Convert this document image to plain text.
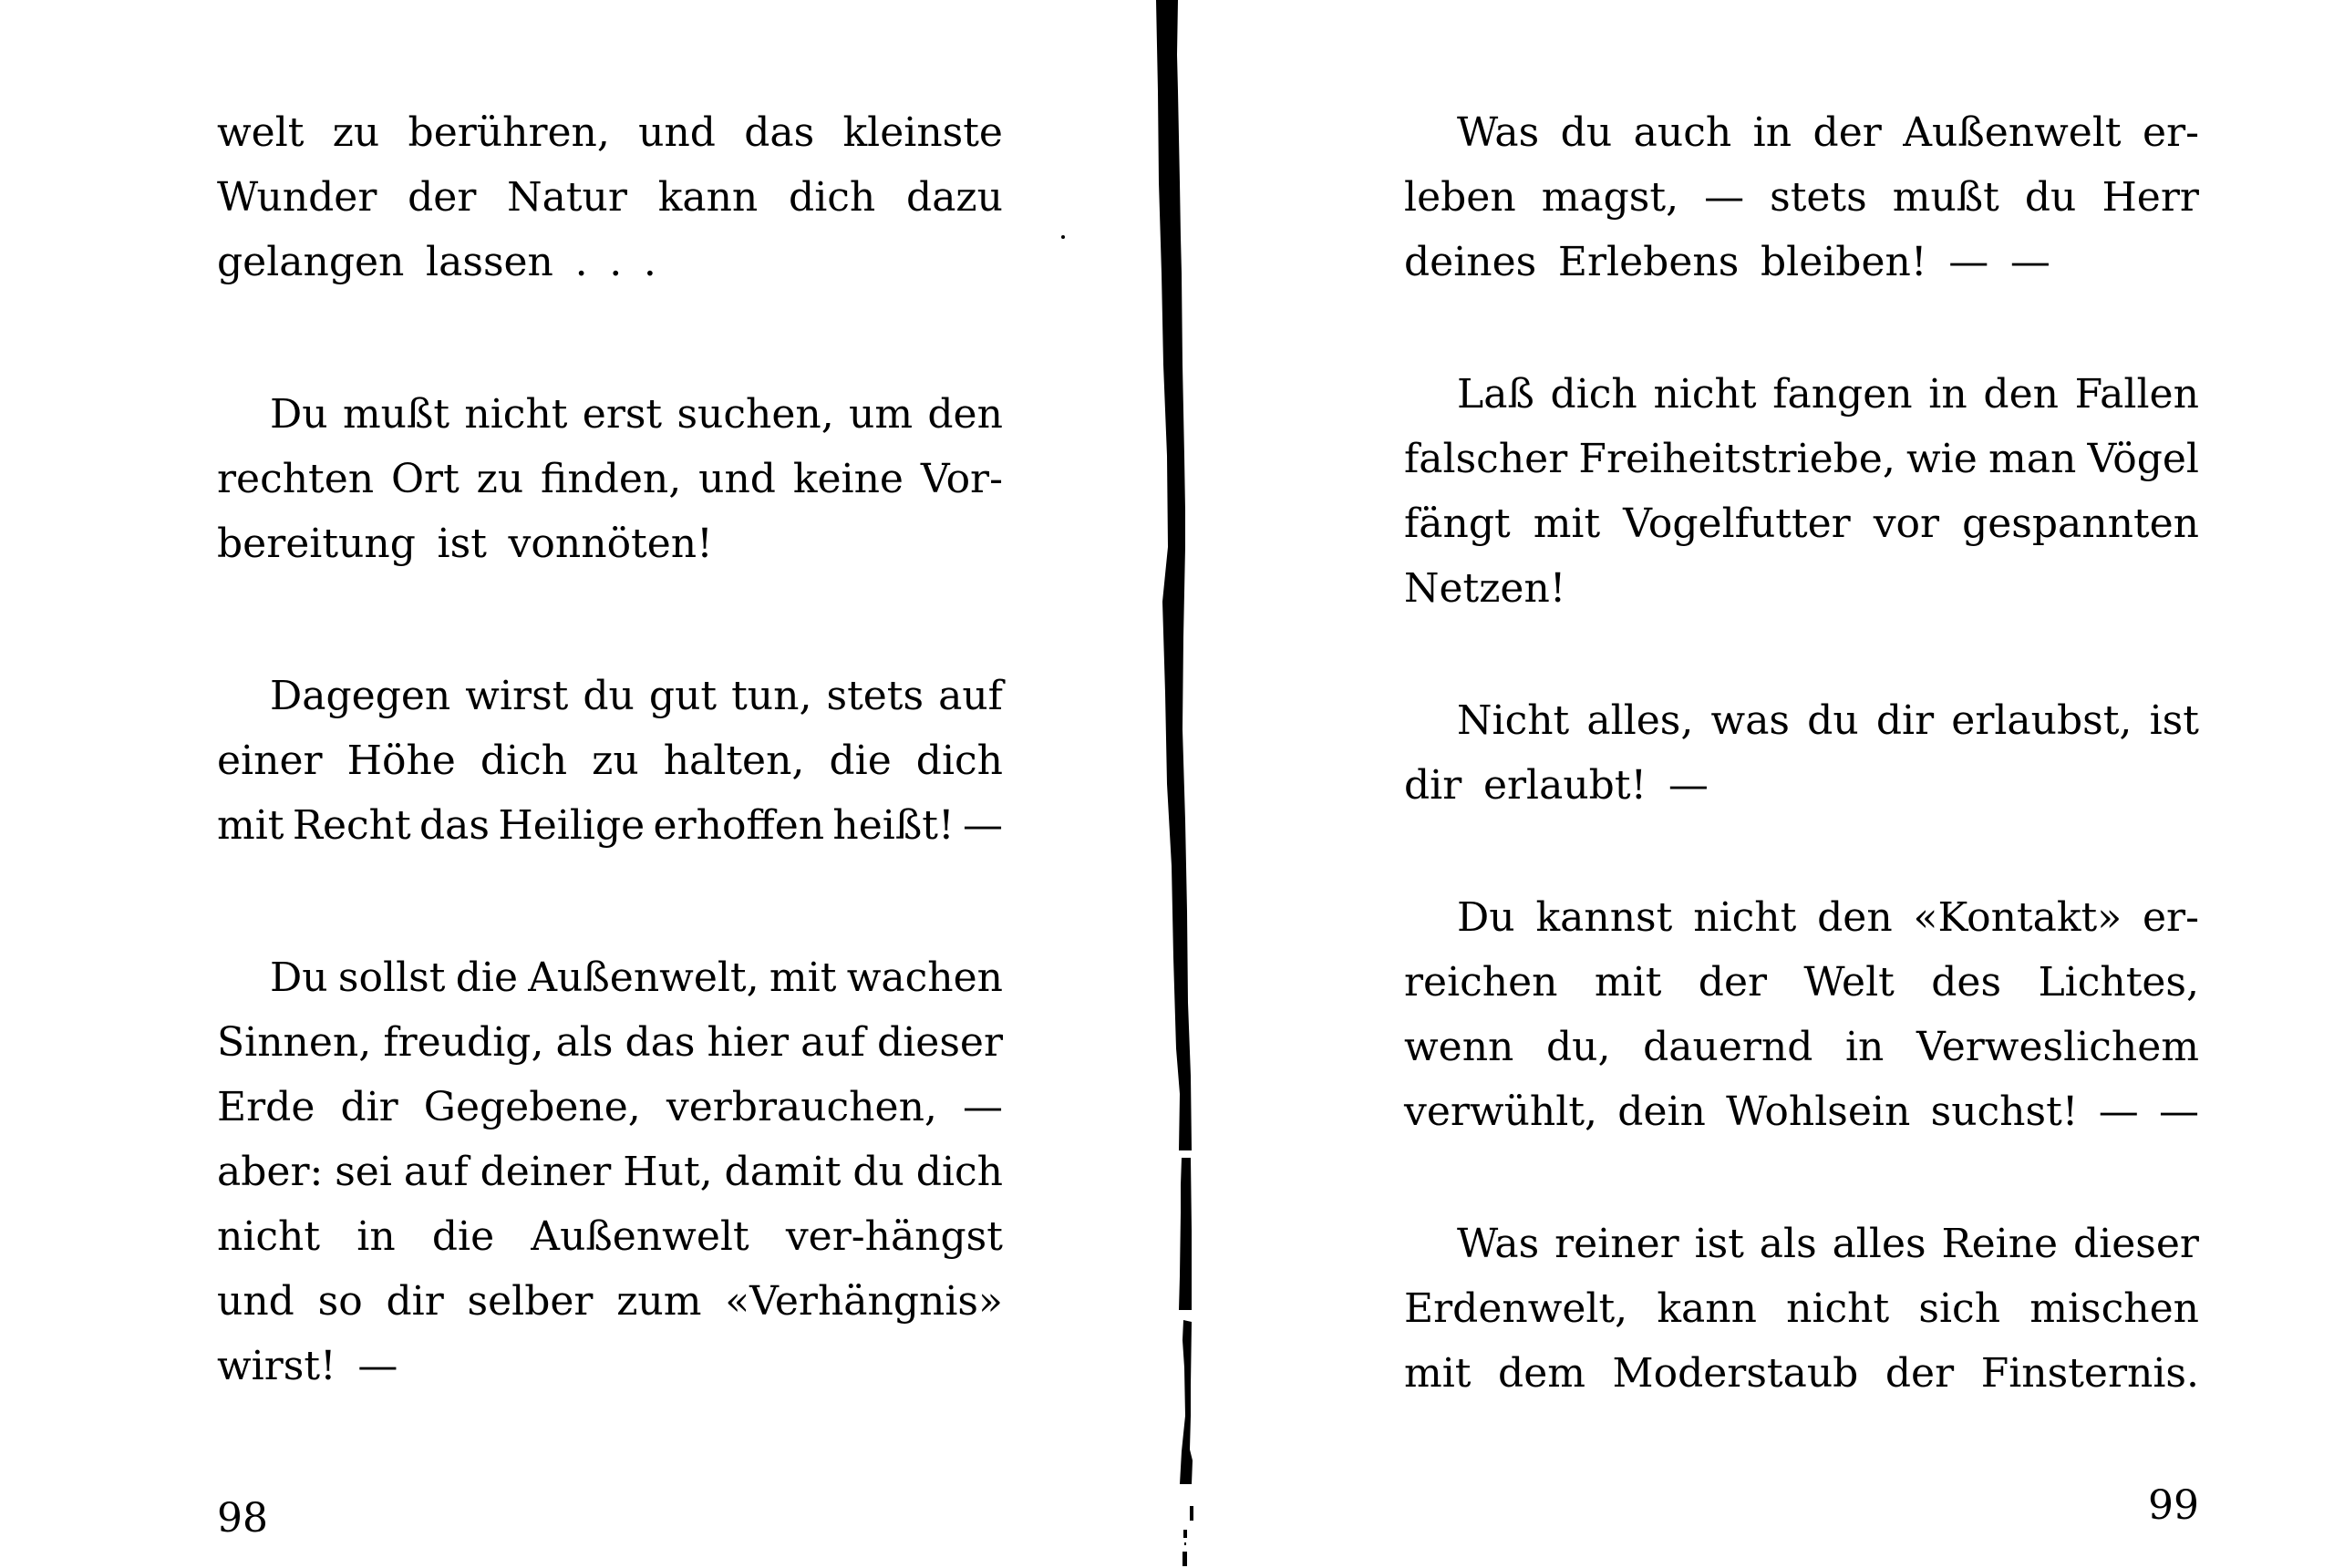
welt zu berühren, und das kleinste
Wunder der Natur kann dich dazu
gelangen lassen . . .
Du mußt nicht erst suchen, um den
rechten Ort zu finden, und keine Vor-
bereitung ist vonnöten!
Dagegen wirst du gut tun, stets auf
einer Höhe dich zu halten, die dich
mit Recht das Heilige erhoffen heißt! —
Du sollst die Außenwelt, mit wachen
Sinnen, freudig, als das hier auf dieser
Erde dir Gegebene, verbrauchen, —
aber: sei auf deiner Hut, damit du dich
nicht in die Außenwelt ver-hängst
und so dir selber zum «Verhängnis»
wirst! —
98
Was du auch in der Außenwelt er-
leben magst, — stets mußt du Herr
deines Erlebens bleiben! — —
Laß dich nicht fangen in den Fallen
falscher Freiheitstriebe, wie man Vögel
fängt mit Vogelfutter vor gespannten
Netzen!
Nicht alles, was du dir erlaubst, ist
dir erlaubt! —
Du kannst nicht den «Kontakt» er-
reichen mit der Welt des Lichtes,
wenn du, dauernd in Verweslichem
verwühlt, dein Wohlsein suchst! — —
Was reiner ist als alles Reine dieser
Erdenwelt, kann nicht sich mischen
mit dem Moderstaub der Finsternis.
99
